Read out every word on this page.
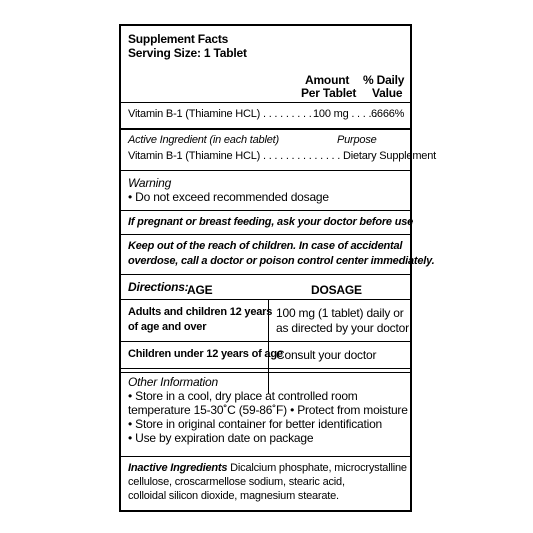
Supplement Facts
Serving Size: 1 Tablet
Amount
Per Tablet
% Daily
Value
Vitamin B-1 (Thiamine HCL) . . . . . . . . . 100 mg . . . . .
6666%
Active Ingredient (in each tablet)	Purpose
Vitamin B-1 (Thiamine HCL) . . . . . . . . . . . . . . Dietary Supplement
Warning
• Do not exceed recommended dosage
If pregnant or breast feeding, ask your doctor before use
Keep out of the reach of children. In case of accidental
overdose, call a doctor or poison control center immediately.
Directions:
AGE	DOSAGE
Adults and children 12 years
of age and over
100 mg (1 tablet) daily or
as directed by your doctor
Children under 12 years of age
Consult your doctor
Other Information
• Store in a cool, dry place at controlled room
temperature 15-30˚C (59-86˚F) • Protect from moisture
• Store in original container for better identification
• Use by expiration date on package
Inactive Ingredients Dicalcium phosphate, microcrystalline
cellulose, croscarmellose sodium, stearic acid,
colloidal silicon dioxide, magnesium stearate.
